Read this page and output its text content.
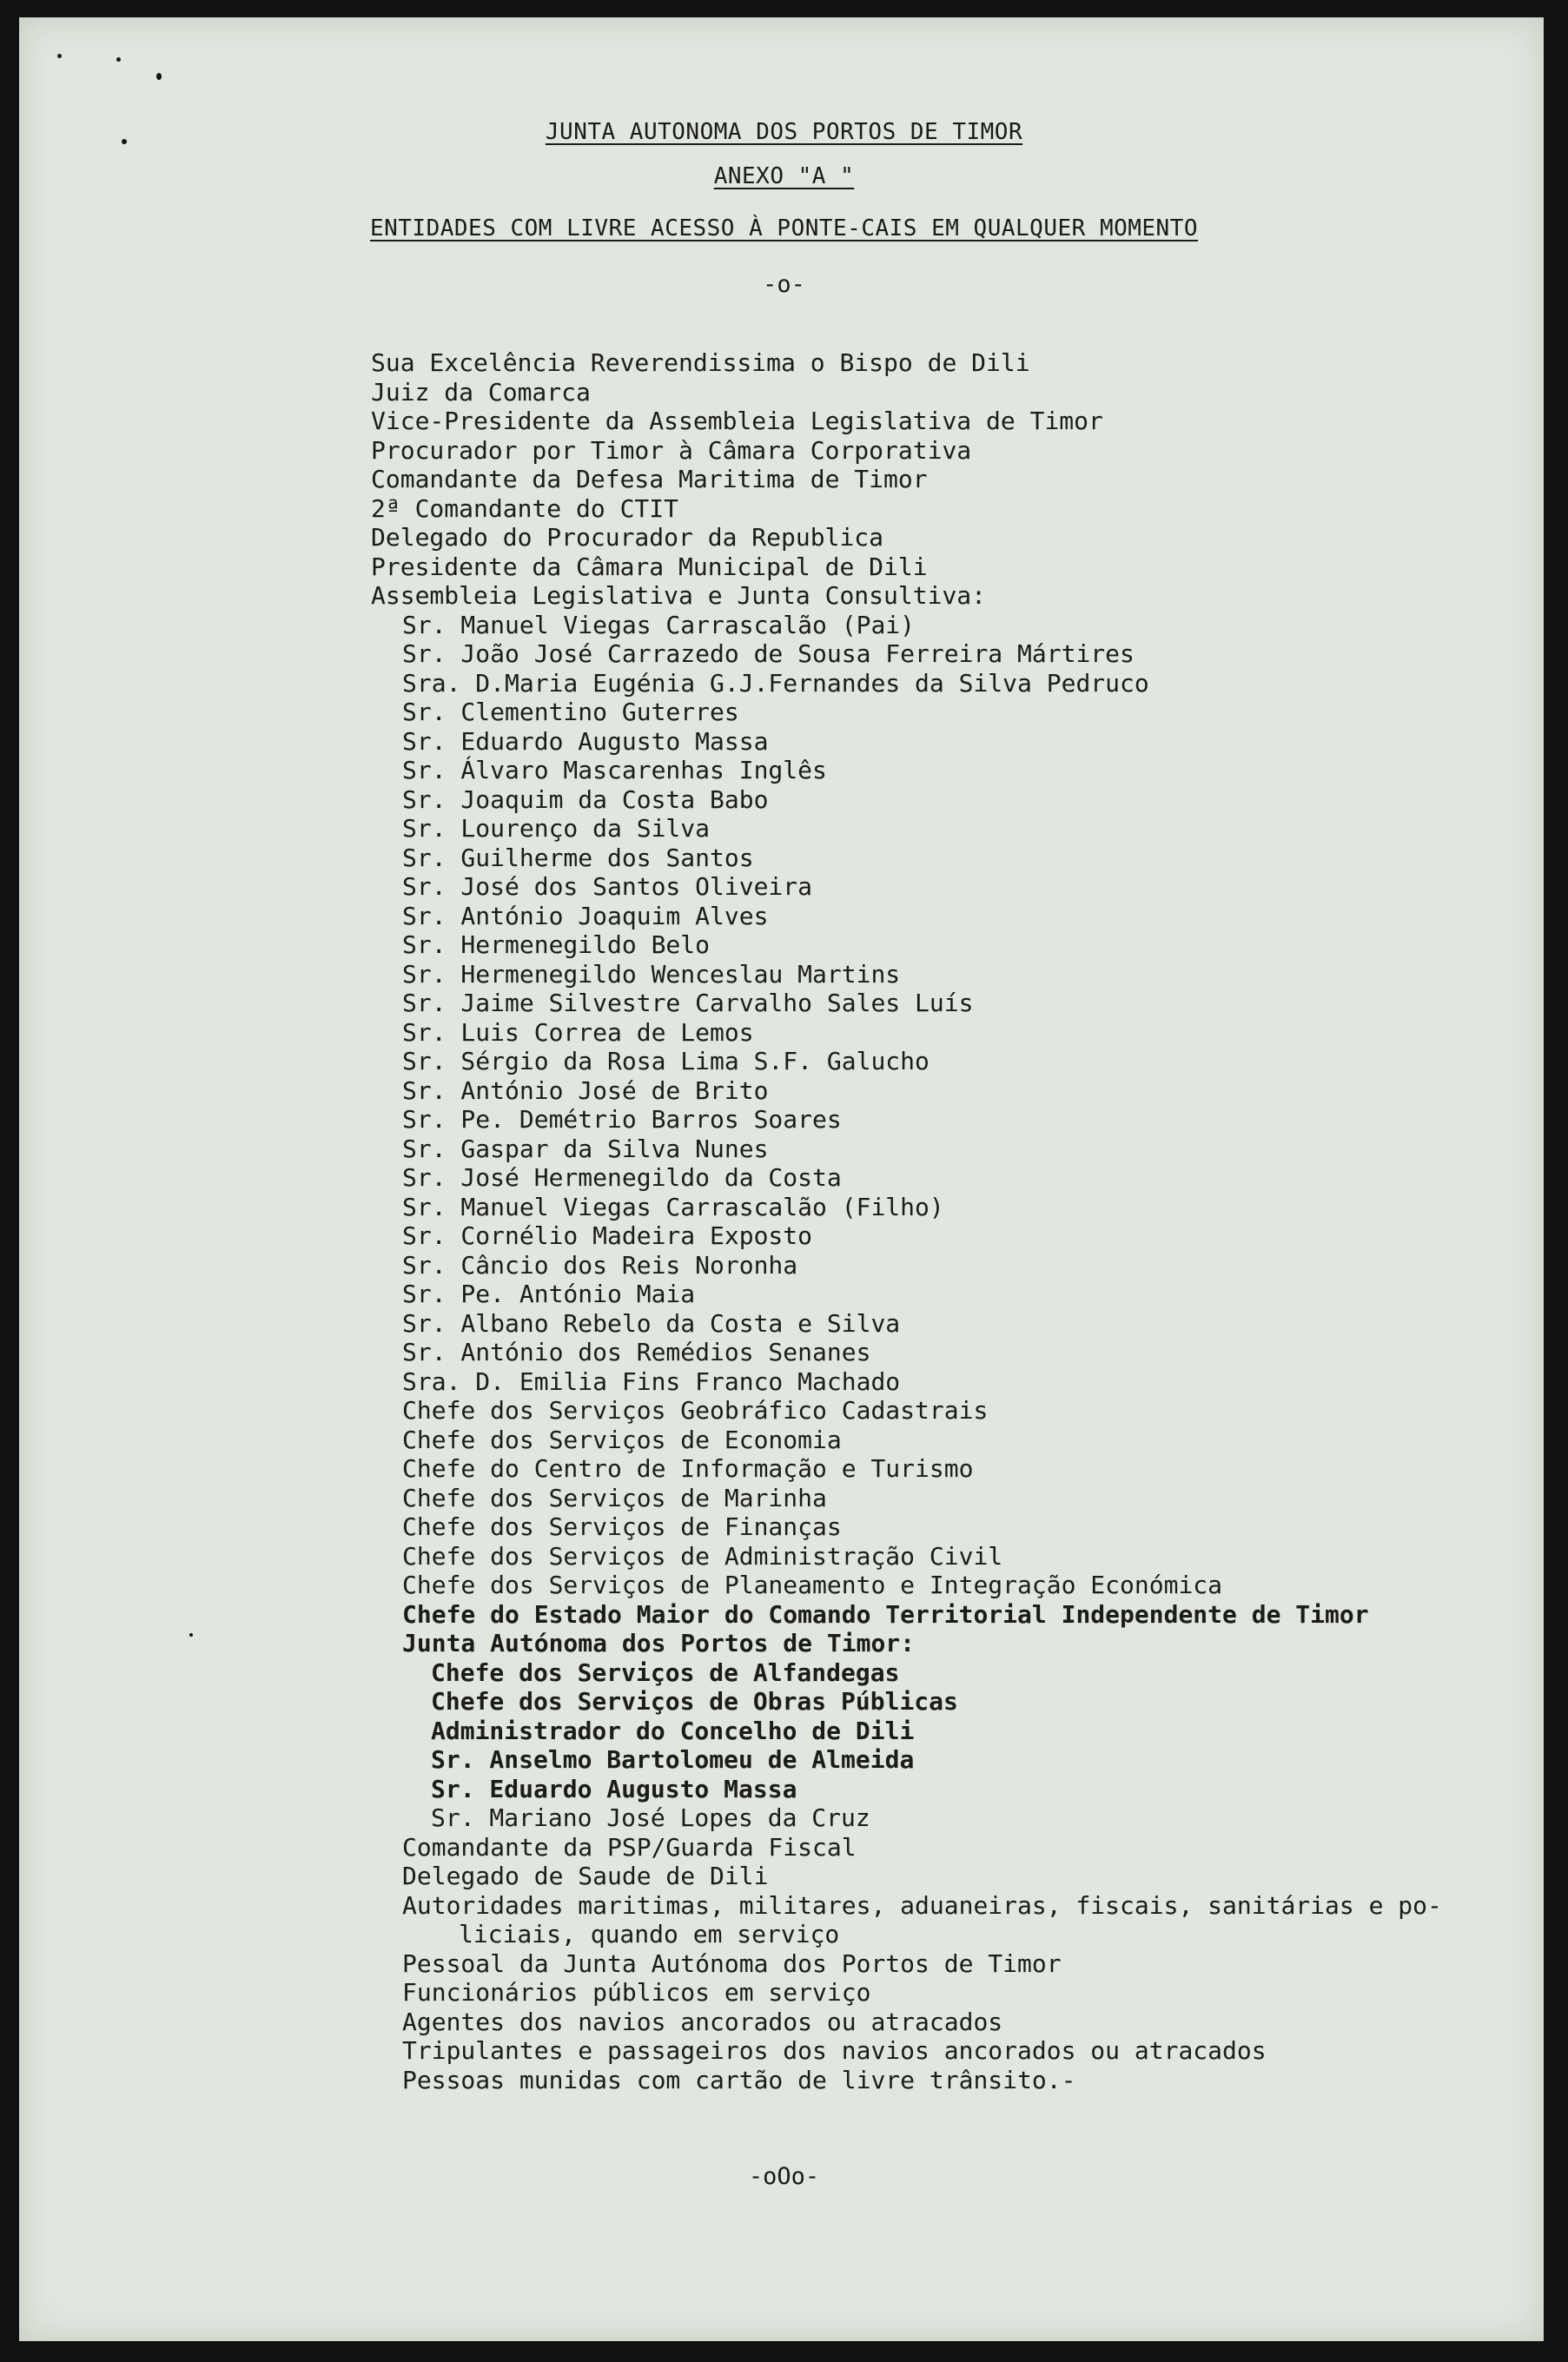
JUNTA AUTONOMA DOS PORTOS DE TIMOR
ANEXO "A "
ENTIDADES COM LIVRE ACESSO À PONTE-CAIS EM QUALQUER MOMENTO
-o-
Sua Excelência Reverendissima o Bispo de Dili
Juiz da Comarca
Vice-Presidente da Assembleia Legislativa de Timor
Procurador por Timor à Câmara Corporativa
Comandante da Defesa Maritima de Timor
2ª Comandante do CTIT
Delegado do Procurador da Republica
Presidente da Câmara Municipal de Dili
Assembleia Legislativa e Junta Consultiva:
Sr. Manuel Viegas Carrascalão (Pai)
Sr. João José Carrazedo de Sousa Ferreira Mártires
Sra. D.Maria Eugénia G.J.Fernandes da Silva Pedruco
Sr. Clementino Guterres
Sr. Eduardo Augusto Massa
Sr. Álvaro Mascarenhas Inglês
Sr. Joaquim da Costa Babo
Sr. Lourenço da Silva
Sr. Guilherme dos Santos
Sr. José dos Santos Oliveira
Sr. António Joaquim Alves
Sr. Hermenegildo Belo
Sr. Hermenegildo Wenceslau Martins
Sr. Jaime Silvestre Carvalho Sales Luís
Sr. Luis Correa de Lemos
Sr. Sérgio da Rosa Lima S.F. Galucho
Sr. António José de Brito
Sr. Pe. Demétrio Barros Soares
Sr. Gaspar da Silva Nunes
Sr. José Hermenegildo da Costa
Sr. Manuel Viegas Carrascalão (Filho)
Sr. Cornélio Madeira Exposto
Sr. Câncio dos Reis Noronha
Sr. Pe. António Maia
Sr. Albano Rebelo da Costa e Silva
Sr. António dos Remédios Senanes
Sra. D. Emilia Fins Franco Machado
Chefe dos Serviços Geobráfico Cadastrais
Chefe dos Serviços de Economia
Chefe do Centro de Informação e Turismo
Chefe dos Serviços de Marinha
Chefe dos Serviços de Finanças
Chefe dos Serviços de Administração Civil
Chefe dos Serviços de Planeamento e Integração Económica
Chefe do Estado Maior do Comando Territorial Independente de Timor
Junta Autónoma dos Portos de Timor:
Chefe dos Serviços de Alfandegas
Chefe dos Serviços de Obras Públicas
Administrador do Concelho de Dili
Sr. Anselmo Bartolomeu de Almeida
Sr. Eduardo Augusto Massa
Sr. Mariano José Lopes da Cruz
Comandante da PSP/Guarda Fiscal
Delegado de Saude de Dili
Autoridades maritimas, militares, aduaneiras, fiscais, sanitárias e po-
liciais, quando em serviço
Pessoal da Junta Autónoma dos Portos de Timor
Funcionários públicos em serviço
Agentes dos navios ancorados ou atracados
Tripulantes e passageiros dos navios ancorados ou atracados
Pessoas munidas com cartão de livre trânsito.-
-oOo-
